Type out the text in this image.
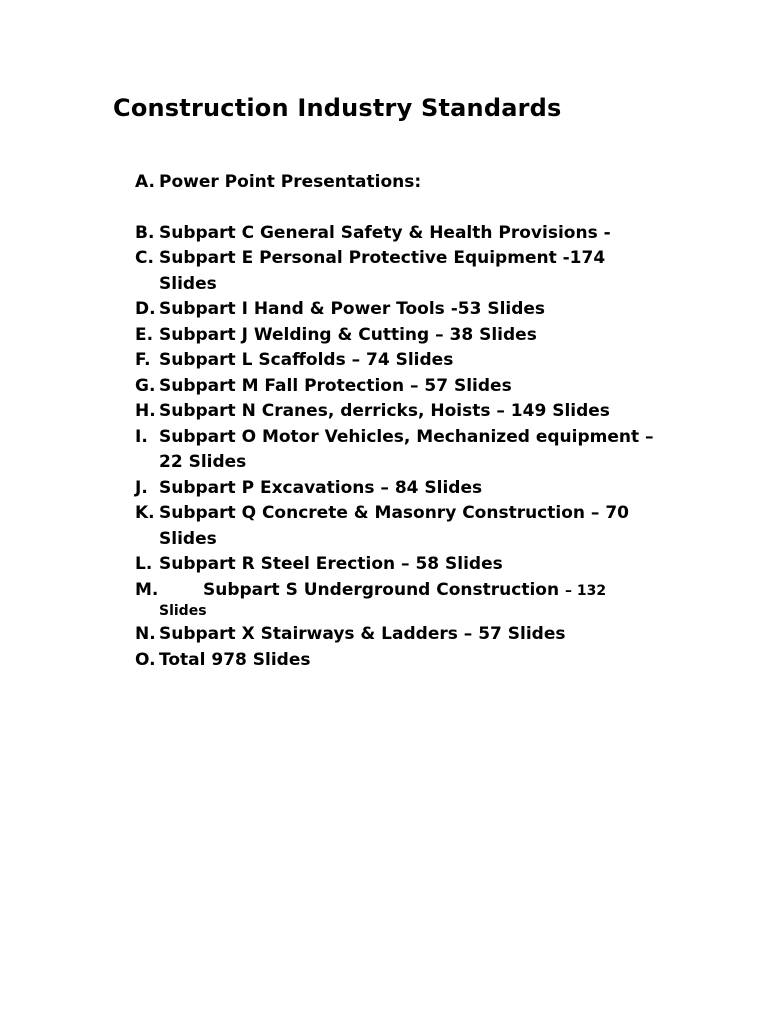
Construction Industry Standards
A. Power Point Presentations:
B. Subpart C General Safety & Health Provisions -
C. Subpart E Personal Protective Equipment -174 Slides
D. Subpart I Hand & Power Tools -53 Slides
E. Subpart J Welding & Cutting – 38 Slides
F. Subpart L Scaffolds – 74 Slides
G. Subpart M Fall Protection – 57 Slides
H. Subpart N Cranes, derricks, Hoists – 149 Slides
I. Subpart O Motor Vehicles, Mechanized equipment – 22 Slides
J. Subpart P Excavations – 84 Slides
K. Subpart Q Concrete & Masonry Construction – 70 Slides
L. Subpart R Steel Erection – 58 Slides
M.	Subpart S Underground Construction – 132
Slides
N. Subpart X Stairways & Ladders – 57 Slides
O. Total 978 Slides
